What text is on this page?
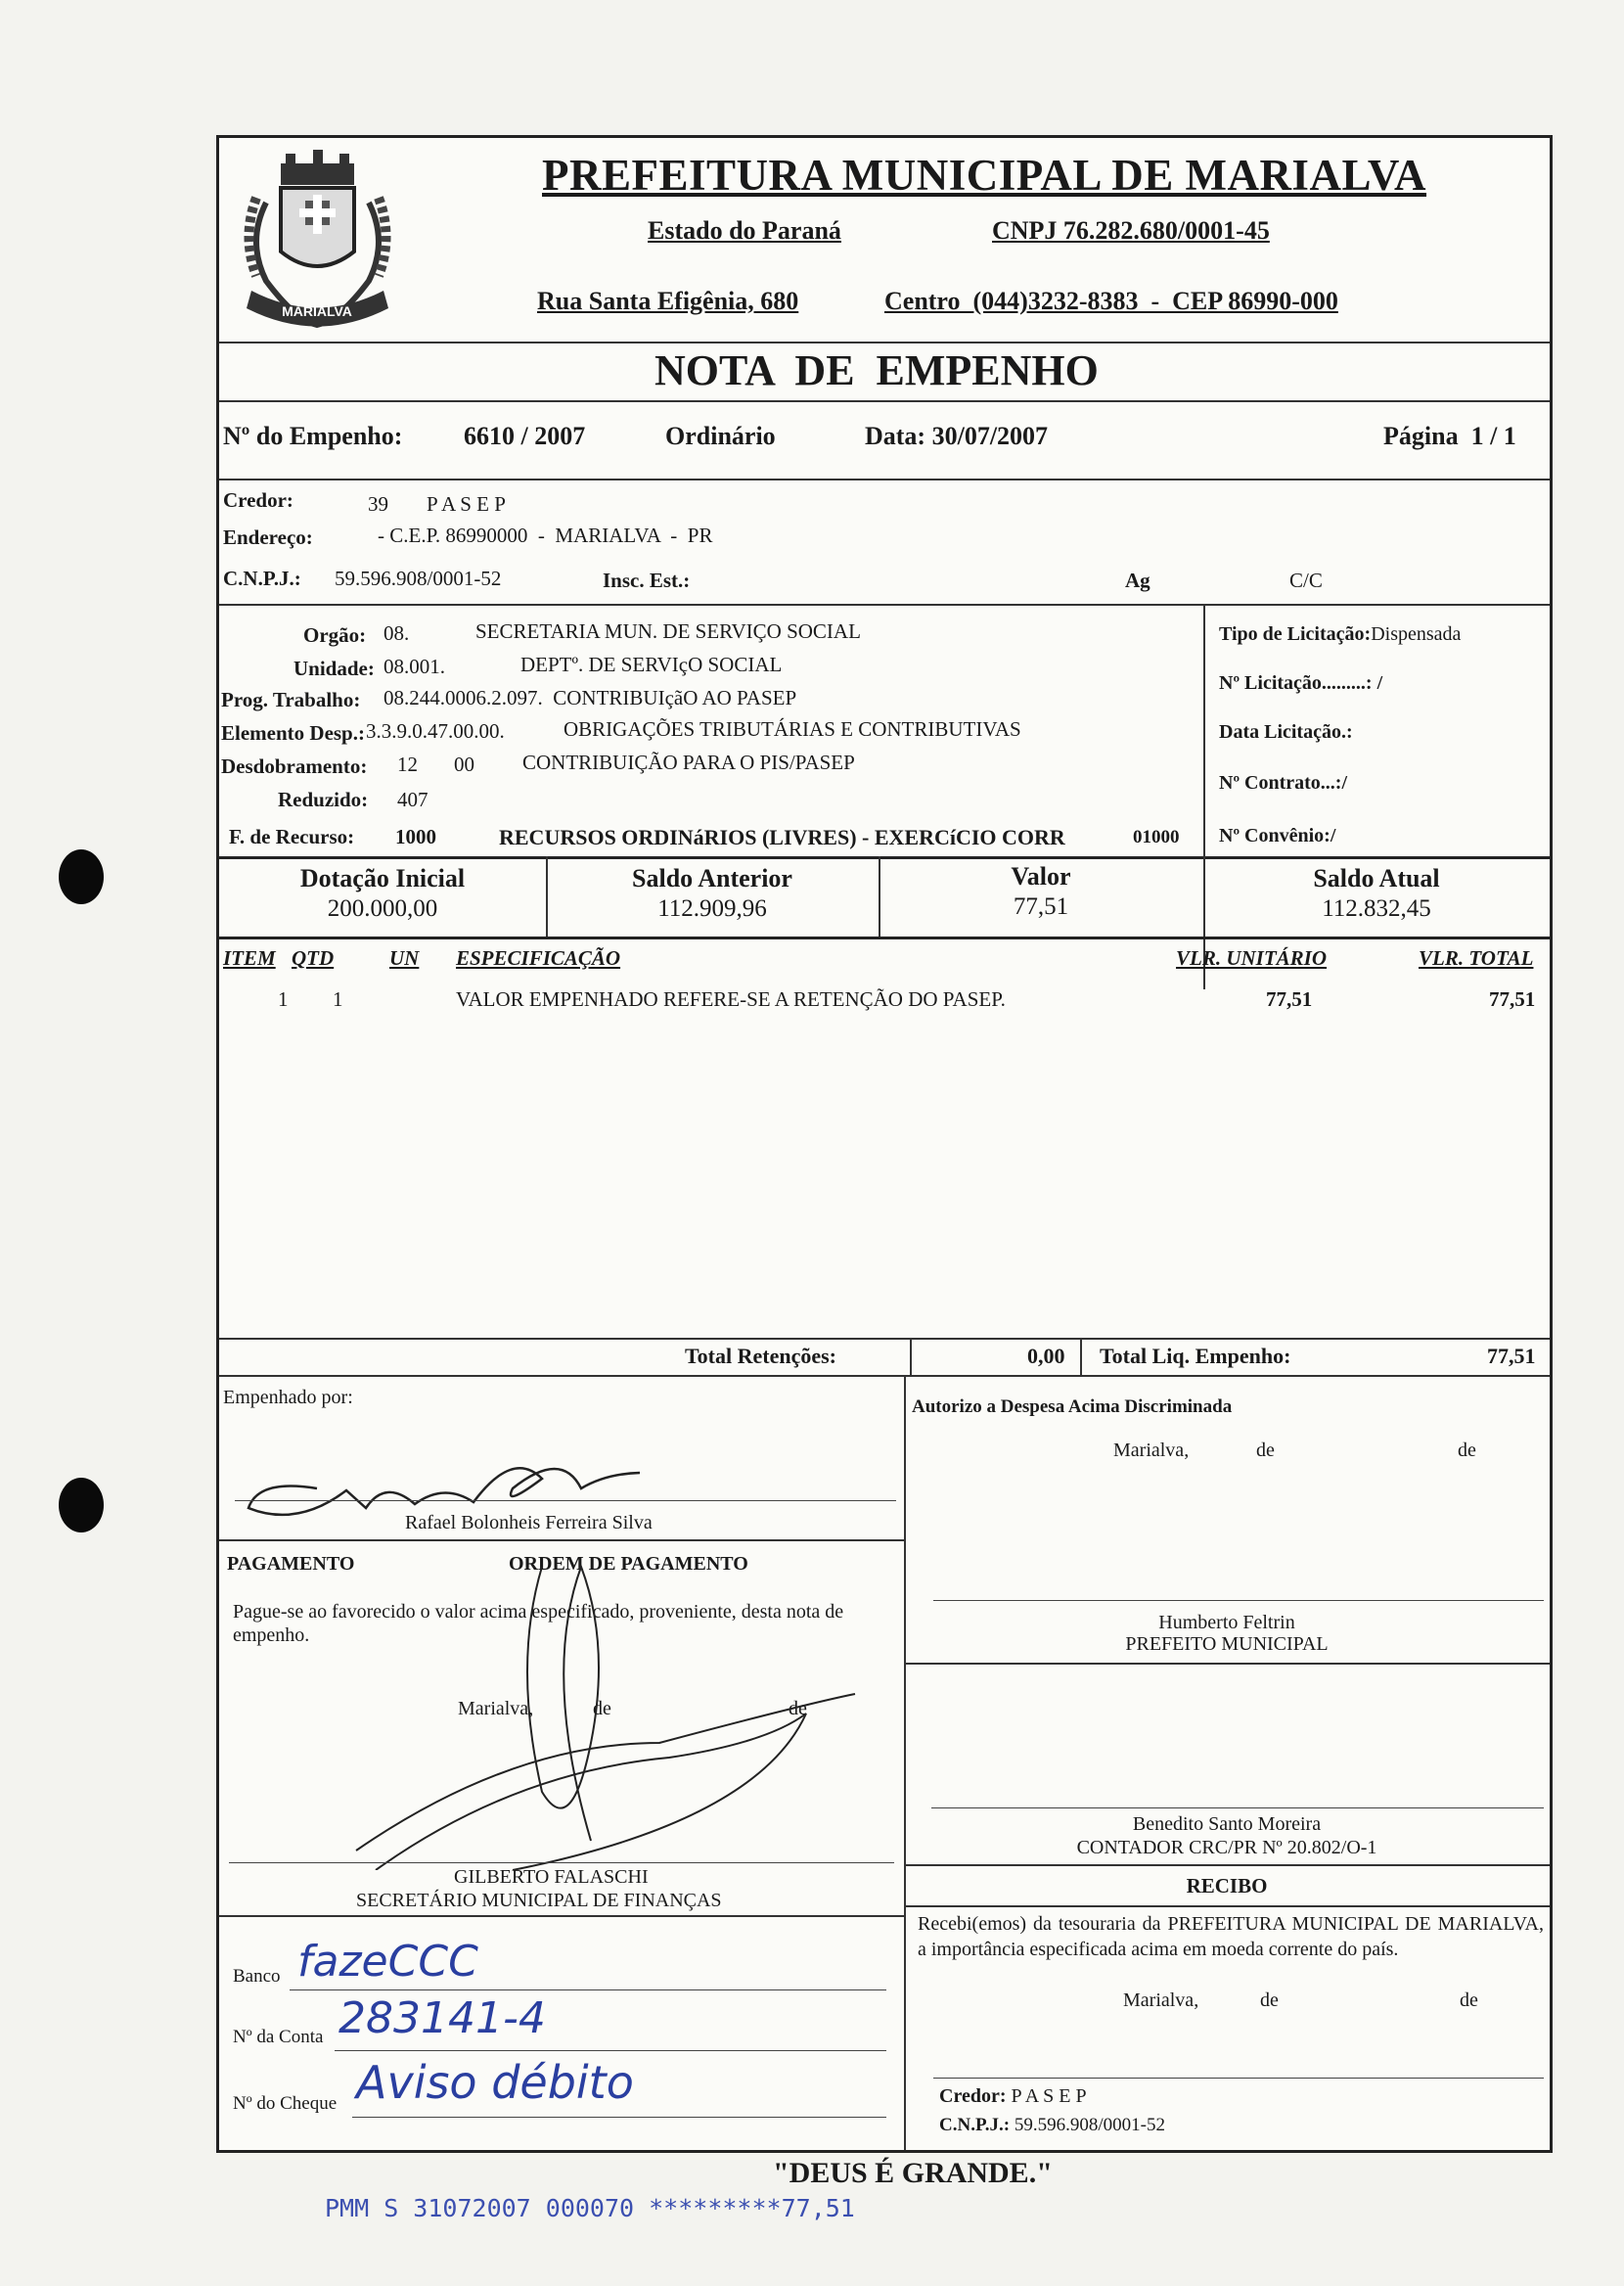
MARIALVA
PREFEITURA MUNICIPAL DE MARIALVA
Estado do Paraná	CNPJ 76.282.680/0001-45
Rua Santa Efigênia, 680	Centro  (044)3232-8383  -  CEP 86990-000
NOTA  DE  EMPENHO
Nº do Empenho: 6610 / 2007	Ordinário	Data: 30/07/2007	Página  1 / 1
Credor:	39 P A S E P
Endereço:	- C.E.P. 86990000  -  MARIALVA  -  PR
C.N.P.J.: 59.596.908/0001-52	Insc. Est.:	Ag	C/C
Orgão: 08.	SECRETARIA MUN. DE SERVIÇO SOCIAL
Unidade: 08.001.	DEPTº. DE SERVIçO SOCIAL
Prog. Trabalho: 08.244.0006.2.097.  CONTRIBUIçãO AO PASEP
Elemento Desp.: 3.3.9.0.47.00.00.	OBRIGAÇÕES TRIBUTÁRIAS E CONTRIBUTIVAS
Desdobramento: 12 00 CONTRIBUIÇÃO PARA O PIS/PASEP
Reduzido: 407
F. de Recurso: 1000	RECURSOS ORDINáRIOS (LIVRES) - EXERCíCIO CORR	01000
Tipo de Licitação:Dispensada
Nº Licitação.........: /
Data Licitação.:
Nº Contrato...:/
Nº Convênio:/
Dotação Inicial
200.000,00
Saldo Anterior
112.909,96
Valor
77,51
Saldo Atual
112.832,45
ITEM QTD	UN ESPECIFICAÇÃO	VLR. UNITÁRIO	VLR. TOTAL
1 1	VALOR EMPENHADO REFERE-SE A RETENÇÃO DO PASEP.	77,51	77,51
Total Retenções:	0,00 Total Liq. Empenho:	77,51
Empenhado por:
Rafael Bolonheis Ferreira Silva
PAGAMENTO	ORDEM DE PAGAMENTO
Pague-se ao favorecido o valor acima especificado, proveniente, desta nota de empenho.
Marialva,	de	de
GILBERTO FALASCHI
SECRETÁRIO MUNICIPAL DE FINANÇAS
Banco fazeCCC
Nº da Conta 283141-4
Nº do Cheque Aviso débito
Autorizo a Despesa Acima Discriminada
Marialva,	de	de
Humberto Feltrin
PREFEITO MUNICIPAL
Benedito Santo Moreira
CONTADOR CRC/PR Nº 20.802/O-1
RECIBO
Recebi(emos) da tesouraria da PREFEITURA MUNICIPAL DE MARIALVA, a importância especificada acima em moeda corrente do país.
Marialva,	de	de
Credor: P A S E P
C.N.P.J.: 59.596.908/0001-52
"DEUS É GRANDE."
PMM S 31072007 000070 *********77,51
